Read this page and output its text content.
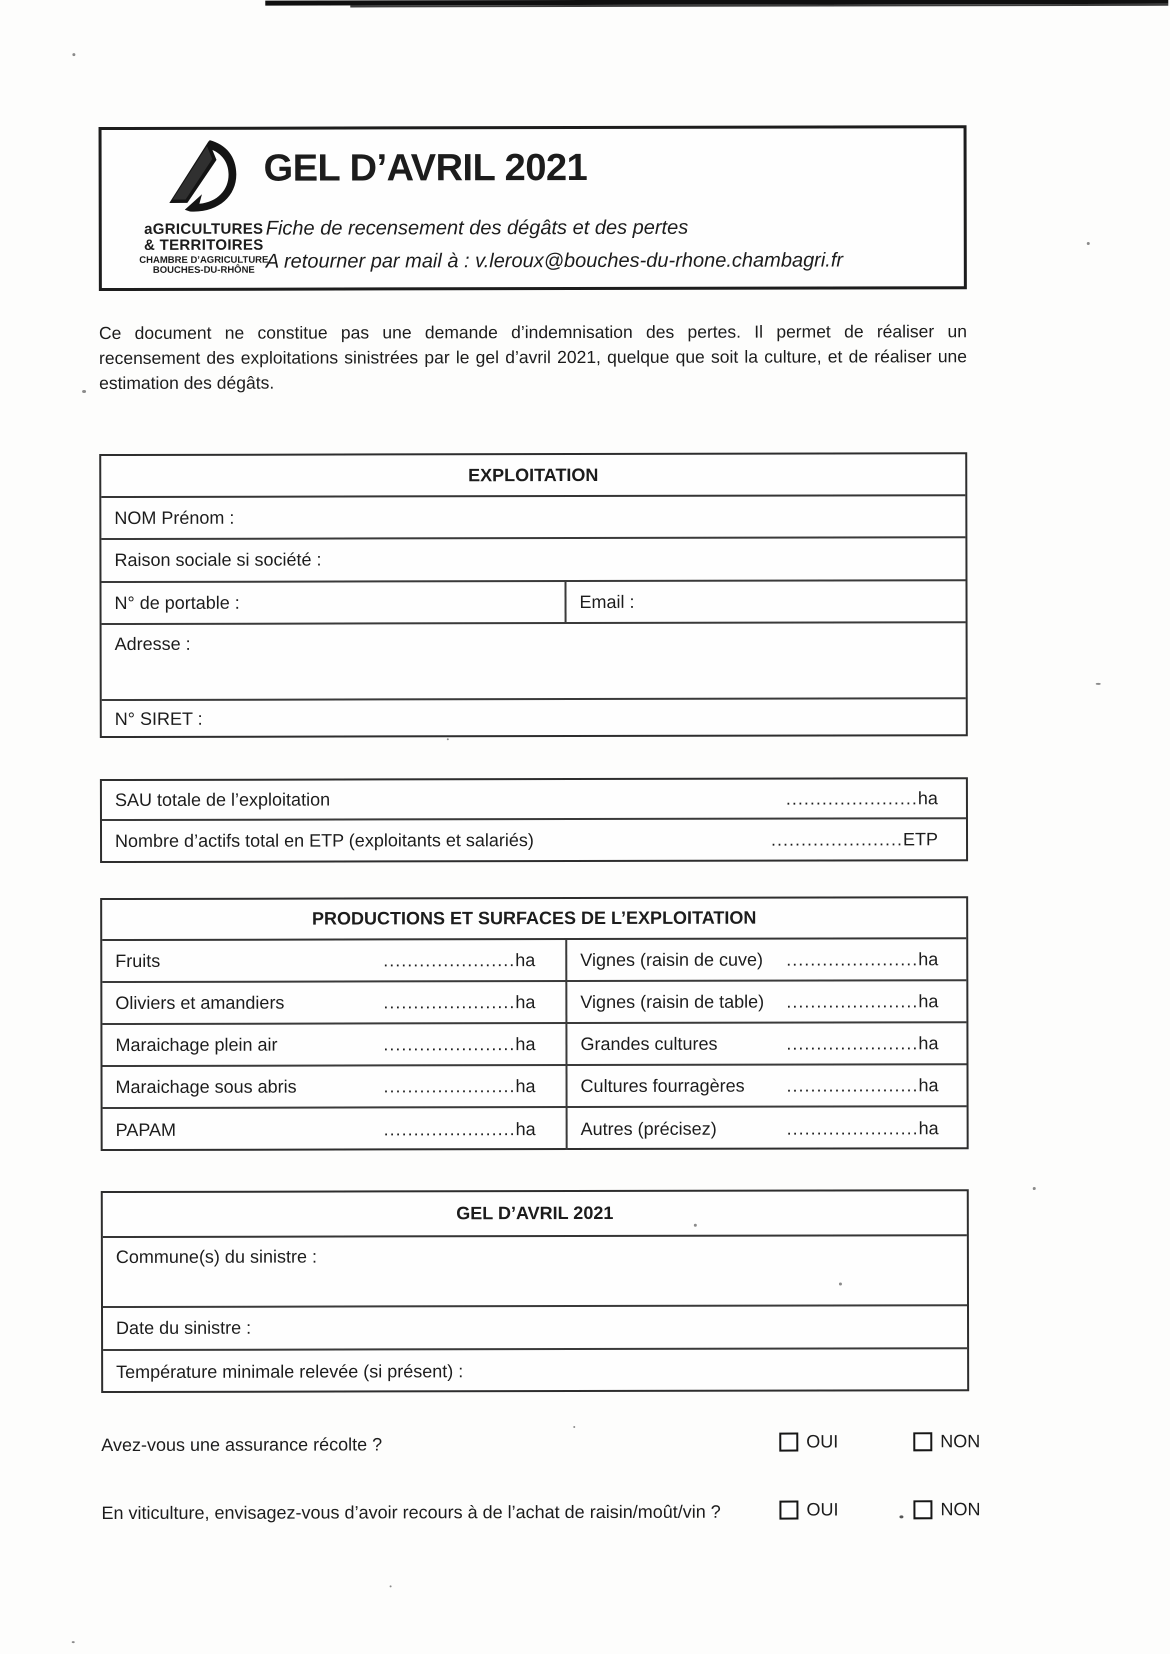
aGRICULTURES
& TERRITOIRES
CHAMBRE D’AGRICULTURE
BOUCHES-DU-RHÔNE
GEL D’AVRIL 2021
Fiche de recensement des dégâts et des pertes
A retourner par mail à : v.leroux@bouches-du-rhone.chambagri.fr
Ce document ne constitue pas une demande d’indemnisation des pertes. Il permet de réaliser un
recensement des exploitations sinistrées par le gel d’avril 2021, quelque que soit la culture, et de réaliser une
estimation des dégâts.
EXPLOITATION
NOM Prénom :
Raison sociale si société :
N° de portable :	Email :
Adresse :
N° SIRET :
SAU totale de l’exploitation	......................ha
Nombre d’actifs total en ETP (exploitants et salariés)	......................ETP
PRODUCTIONS ET SURFACES DE L’EXPLOITATION
Fruits	......................ha	Vignes (raisin de cuve) ......................ha
Oliviers et amandiers	......................ha	Vignes (raisin de table) ......................ha
Maraichage plein air	......................ha	Grandes cultures	......................ha
Maraichage sous abris	......................ha	Cultures fourragères ......................ha
PAPAM	......................ha	Autres (précisez)	......................ha
GEL D’AVRIL 2021
Commune(s) du sinistre :
Date du sinistre :
Température minimale relevée (si présent) :
Avez-vous une assurance récolte ?	OUI	NON
En viticulture, envisagez-vous d’avoir recours à de l’achat de raisin/moût/vin ?	OUI	NON
